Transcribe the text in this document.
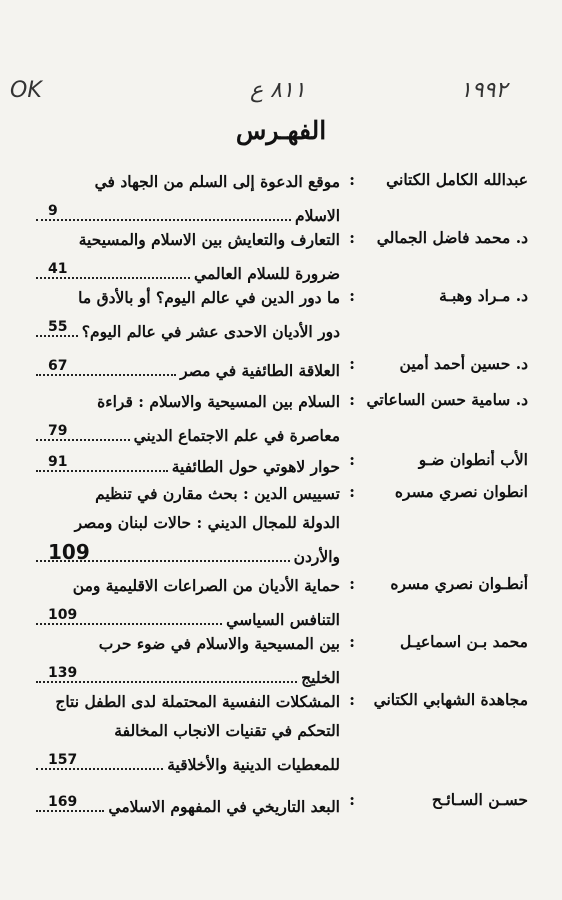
OK	٨١١ ع	١٩٩٢
الفهـرس
عبدالله الكامل الكتاني
:
موقع الدعوة إلى السلم من الجهاد في
الاسلام
9
د. محمد فاضل الجمالي
:
التعارف والتعايش بين الاسلام والمسيحية
ضرورة للسلام العالمي
41
د. مـراد وهبـة
:
ما دور الدين في عالم اليوم؟ أو بالأدق ما
دور الأديان الاحدى عشر في عالم اليوم؟
55
د. حسين أحمد أمين
:
العلاقة الطائفية في مصر
67
د. سامية حسن الساعاتي
:
السلام بين المسيحية والاسلام : قراءة
معاصرة في علم الاجتماع الديني
79
الأب أنطوان ضـو
:
حوار لاهوتي حول الطائفية
91
انطوان نصري مسره
:
تسييس الدين : بحث مقارن في تنظيم
الدولة للمجال الديني : حالات لبنان ومصر
والأردن
109
أنطـوان نصري مسره
:
حماية الأديان من الصراعات الاقليمية ومن
التنافس السياسي
109
محمد بـن اسماعيـل
:
بين المسيحية والاسلام في ضوء حرب
الخليج
139
مجاهدة الشهابي الكتاني
:
المشكلات النفسية المحتملة لدى الطفل نتاج
التحكم في تقنيات الانجاب المخالفة
للمعطيات الدينية والأخلاقية
157
حسـن السـائـح
:
البعد التاريخي في المفهوم الاسلامي
169
